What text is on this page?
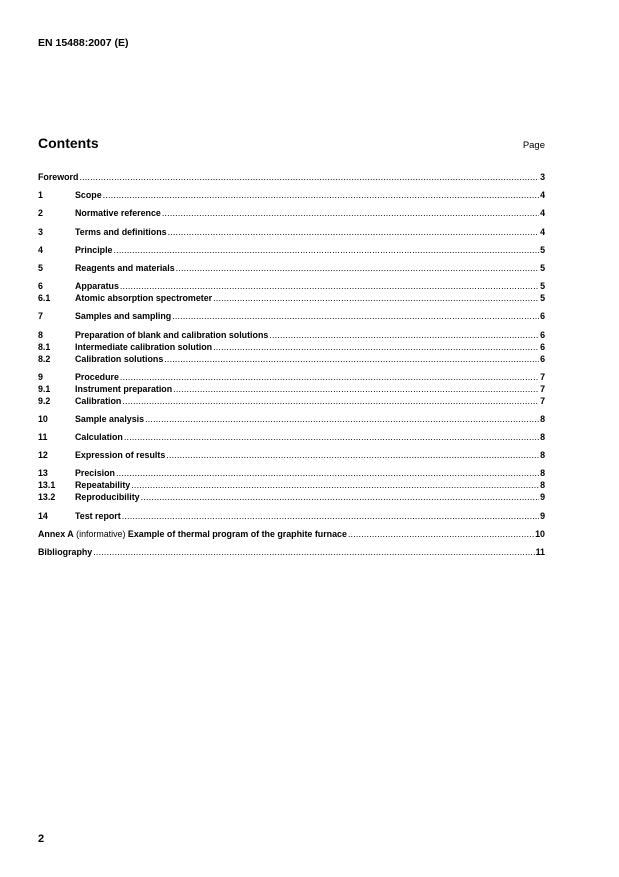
EN 15488:2007 (E)
Contents	Page
Foreword .....	3
1	Scope .....	4
2	Normative reference .....	4
3	Terms and definitions .....	4
4	Principle .....	5
5	Reagents and materials .....	5
6	Apparatus .....	5
6.1	Atomic absorption spectrometer .....	5
7	Samples and sampling .....	6
8	Preparation of blank and calibration solutions .....	6
8.1	Intermediate calibration solution .....	6
8.2	Calibration solutions .....	6
9	Procedure .....	7
9.1	Instrument preparation .....	7
9.2	Calibration .....	7
10	Sample analysis .....	8
11	Calculation .....	8
12	Expression of results .....	8
13	Precision .....	8
13.1	Repeatability .....	8
13.2	Reproducibility .....	9
14	Test report .....	9
Annex A (informative) Example of thermal program of the graphite furnace .....	10
Bibliography .....	11
2
